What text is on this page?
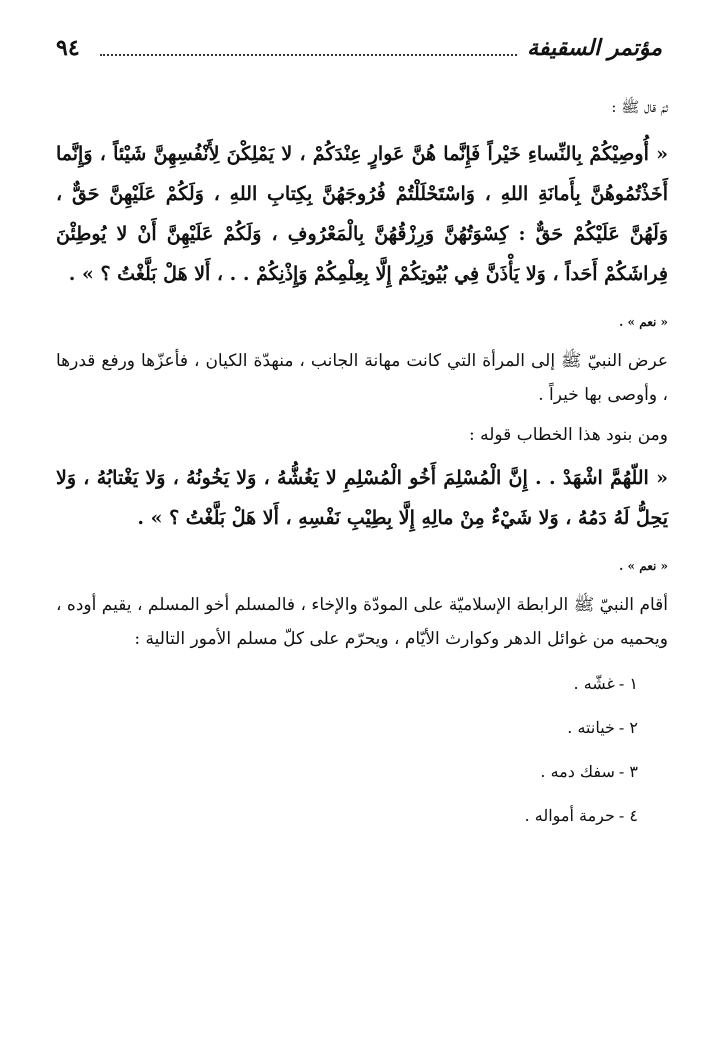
٩٤	مؤتمر السقيفة

ثمّ قال ﷺ :

« أُوصِيْكُمْ بِالنِّساءِ خَيْراً فَإِنَّما هُنَّ عَوارٍ عِنْدَكُمْ ، لا يَمْلِكْنَ لِأَنْفُسِهِنَّ شَيْئاً ، وَإِنَّما أَخَذْتُمُوهُنَّ بِأَمانَةِ اللهِ ، وَاسْتَحْلَلْتُمْ فُرُوجَهُنَّ بِكِتابِ اللهِ ، وَلَكُمْ عَلَيْهِنَّ حَقٌّ ، وَلَهُنَّ عَلَيْكُمْ حَقٌّ : كِسْوَتُهُنَّ وَرِزْقُهُنَّ بِالْمَعْرُوفِ ، وَلَكُمْ عَلَيْهِنَّ أَنْ لا يُوطِئْنَ فِراشَكُمْ أَحَداً ، وَلا يَأْذَنَّ فِي بُيُوتِكُمْ إِلَّا بِعِلْمِكُمْ وَإِذْنِكُمْ . . ، أَلا هَلْ بَلَّغْتُ ؟ » .

« نعم » .

عرض النبيّ ﷺ إلى المرأة التي كانت مهانة الجانب ، منهدّة الكيان ، فأعزّها ورفع قدرها ، وأوصى بها خيراً .

ومن بنود هذا الخطاب قوله :

« اللّهُمَّ اشْهَدْ . . إِنَّ الْمُسْلِمَ أَخُو الْمُسْلِمِ لا يَغُشُّهُ ، وَلا يَخُونُهُ ، وَلا يَغْتابُهُ ، وَلا يَحِلُّ لَهُ دَمُهُ ، وَلا شَيْءٌ مِنْ مالِهِ إِلَّا بِطِيْبِ نَفْسِهِ ، أَلا هَلْ بَلَّغْتُ ؟ » .

« نعم » .

أقام النبيّ ﷺ الرابطة الإسلاميّة على المودّة والإخاء ، فالمسلم أخو المسلم ، يقيم أوده ، ويحميه من غوائل الدهر وكوارث الأيّام ، ويحرّم على كلّ مسلم الأمور التالية :

١ -غشّه .
٢ -خيانته .
٣ -سفك دمه .
٤ -حرمة أمواله .
